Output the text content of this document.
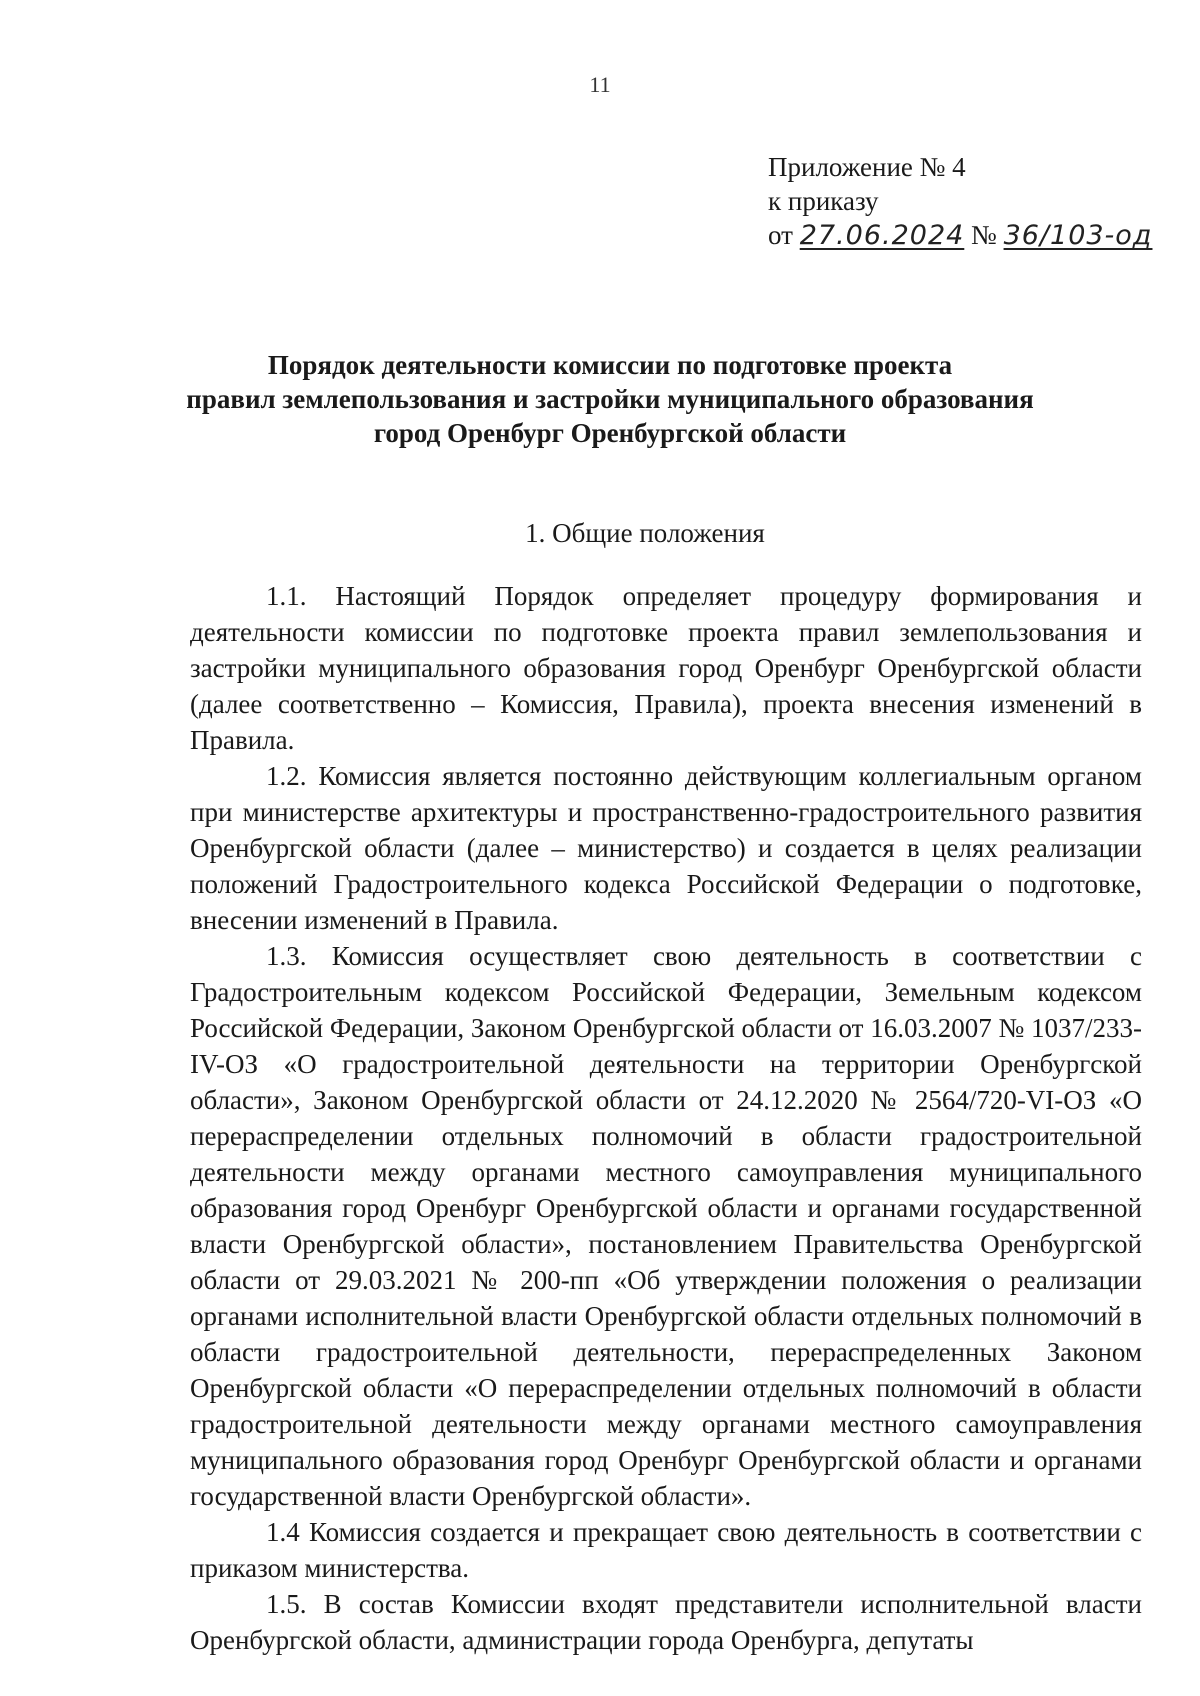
11
Приложение № 4
к приказу
от 27.06.2024 № 36/103-од
Порядок деятельности комиссии по подготовке проекта
правил землепользования и застройки муниципального образования
город Оренбург Оренбургской области
1. Общие положения

1.1. Настоящий Порядок определяет процедуру формирования и деятельности комиссии по подготовке проекта правил землепользования и застройки муниципального образования город Оренбург Оренбургской области (далее соответственно – Комиссия, Правила), проекта внесения изменений в Правила.

1.2. Комиссия является постоянно действующим коллегиальным органом при министерстве архитектуры и пространственно-градостроительного развития Оренбургской области (далее – министерство) и создается в целях реализации положений Градостроительного кодекса Российской Федерации о подготовке, внесении изменений в Правила.

1.3. Комиссия осуществляет свою деятельность в соответствии с Градостроительным кодексом Российской Федерации, Земельным кодексом Российской Федерации, Законом Оренбургской области от 16.03.2007 № 1037/233-IV-ОЗ «О градостроительной деятельности на территории Оренбургской области», Законом Оренбургской области от 24.12.2020 № 2564/720-VI-ОЗ «О перераспределении отдельных полномочий в области градостроительной деятельности между органами местного самоуправления муниципального образования город Оренбург Оренбургской области и органами государственной власти Оренбургской области», постановлением Правительства Оренбургской области от 29.03.2021 № 200-пп «Об утверждении положения о реализации органами исполнительной власти Оренбургской области отдельных полномочий в области градостроительной деятельности, перераспределенных Законом Оренбургской области «О перераспределении отдельных полномочий в области градостроительной деятельности между органами местного самоуправления муниципального образования город Оренбург Оренбургской области и органами государственной власти Оренбургской области».

1.4 Комиссия создается и прекращает свою деятельность в соответствии с приказом министерства.

1.5. В состав Комиссии входят представители исполнительной власти Оренбургской области, администрации города Оренбурга, депутаты
